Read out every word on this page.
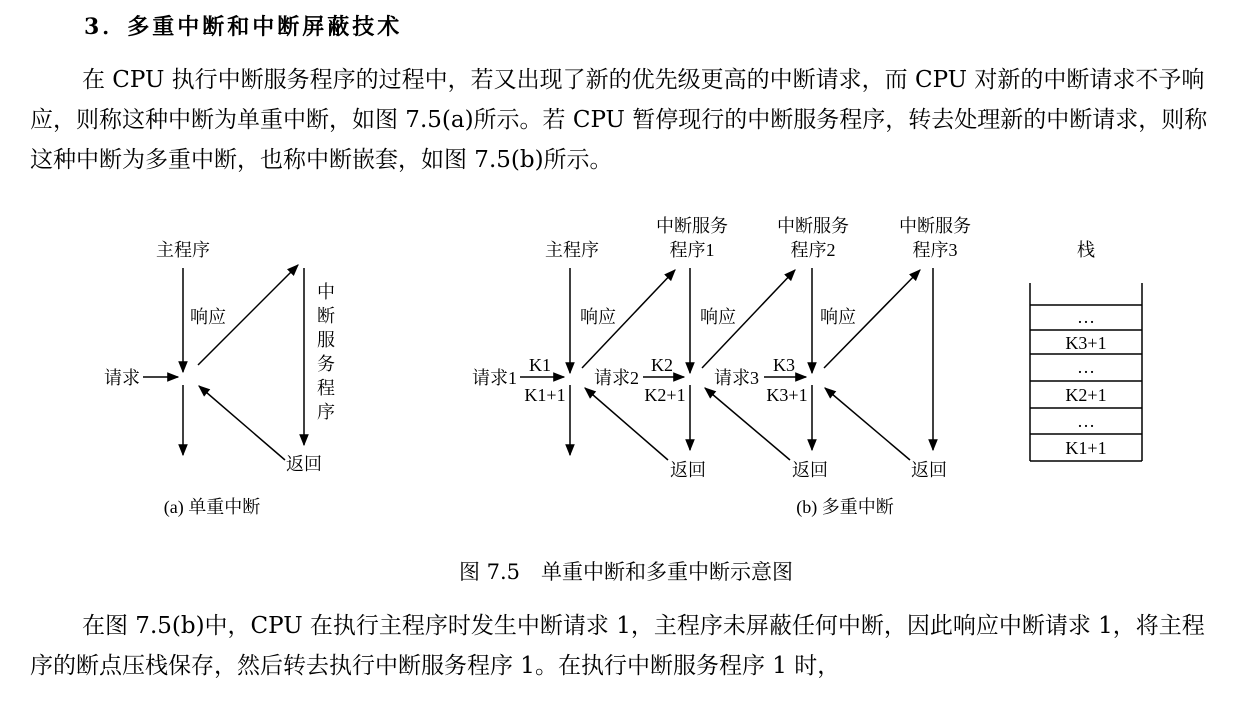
3．多重中断和中断屏蔽技术

在 CPU 执行中断服务程序的过程中，若又出现了新的优先级更高的中断请求，而 CPU 对新的中断请求不予响应，则称这种中断为单重中断，如图 7.5(a)所示。若 CPU 暂停现行的中断服务程序，转去处理新的中断请求，则称这种中断为多重中断，也称中断嵌套，如图 7.5(b)所示。

主程序
响应
请求
中
断
服
务
程
序
返回
(a) 单重中断
主程序
中断服务
程序1
中断服务
程序2
中断服务
程序3
响应	响应	响应
请求1	请求2	请求3
K1	K2	K3
K1+1	K2+1	K3+1
返回	返回	返回
(b) 多重中断
栈
…
K3+1
…
K2+1
…
K1+1
图 7.5　单重中断和多重中断示意图

在图 7.5(b)中，CPU 在执行主程序时发生中断请求 1，主程序未屏蔽任何中断，因此响应中断请求 1，将主程序的断点压栈保存，然后转去执行中断服务程序 1。在执行中断服务程序 1 时，
